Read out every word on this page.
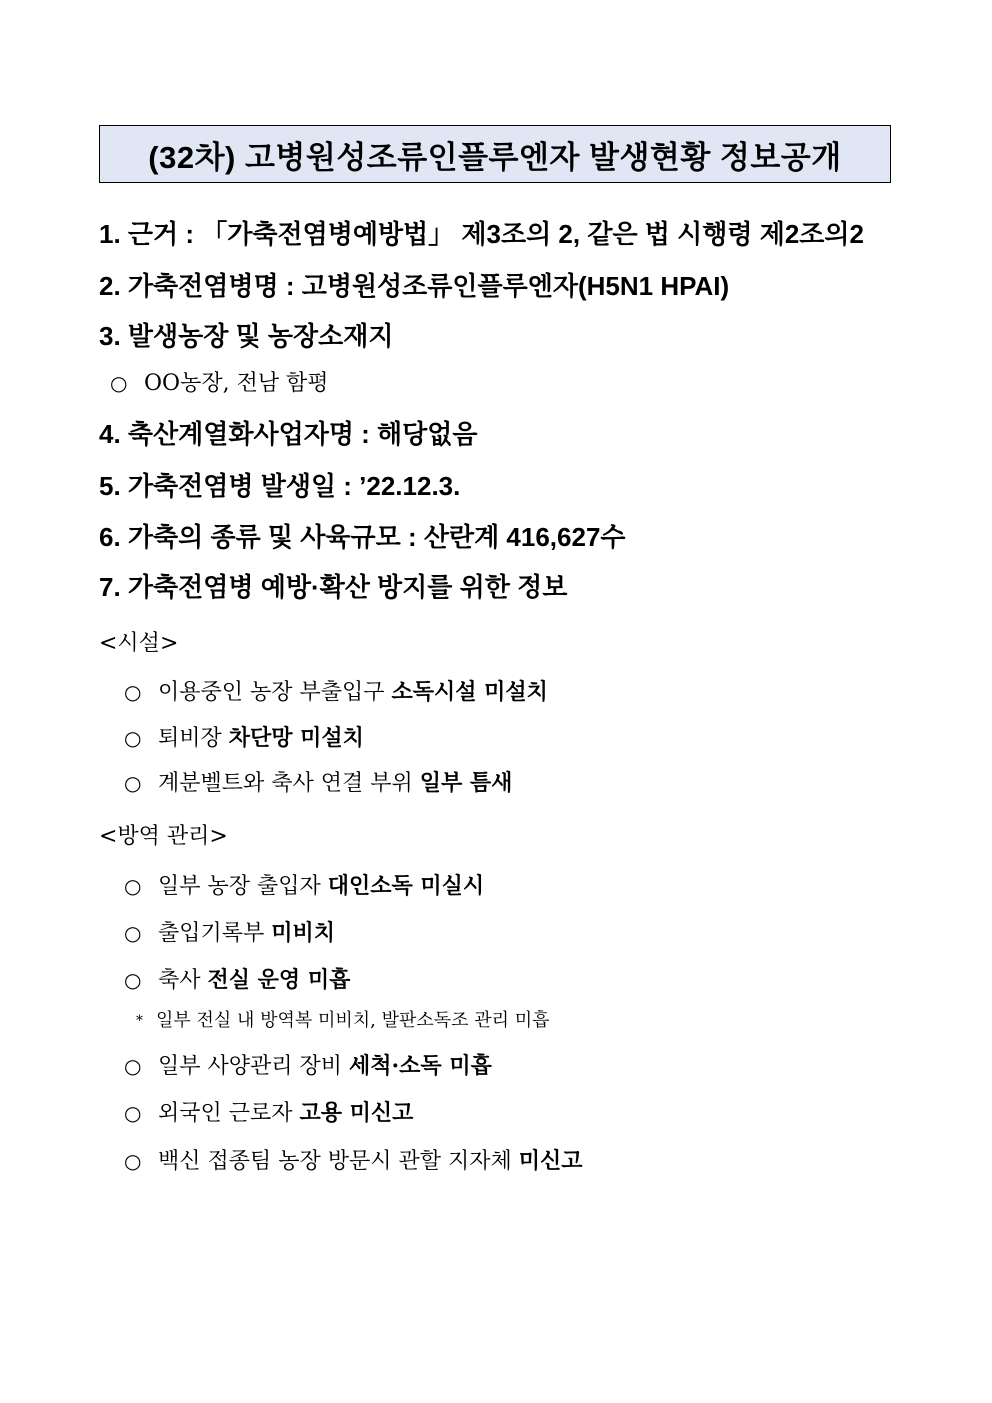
(32차) 고병원성조류인플루엔자 발생현황 정보공개
1. 근거 : 「가축전염병예방법」 제3조의 2, 같은 법 시행령 제2조의2
2. 가축전염병명 : 고병원성조류인플루엔자(H5N1 HPAI)
3. 발생농장 및 농장소재지
○ OO농장, 전남 함평
4. 축산계열화사업자명 : 해당없음
5. 가축전염병 발생일 : ’22.12.3.
6. 가축의 종류 및 사육규모 : 산란계 416,627수
7. 가축전염병 예방·확산 방지를 위한 정보
<시설>
○ 이용중인 농장 부출입구 소독시설 미설치
○ 퇴비장 차단망 미설치
○ 계분벨트와 축사 연결 부위 일부 틈새
<방역 관리>
○ 일부 농장 출입자 대인소독 미실시
○ 출입기록부 미비치
○ 축사 전실 운영 미흡
* 일부 전실 내 방역복 미비치, 발판소독조 관리 미흡
○ 일부 사양관리 장비 세척·소독 미흡
○ 외국인 근로자 고용 미신고
○ 백신 접종팀 농장 방문시 관할 지자체 미신고
